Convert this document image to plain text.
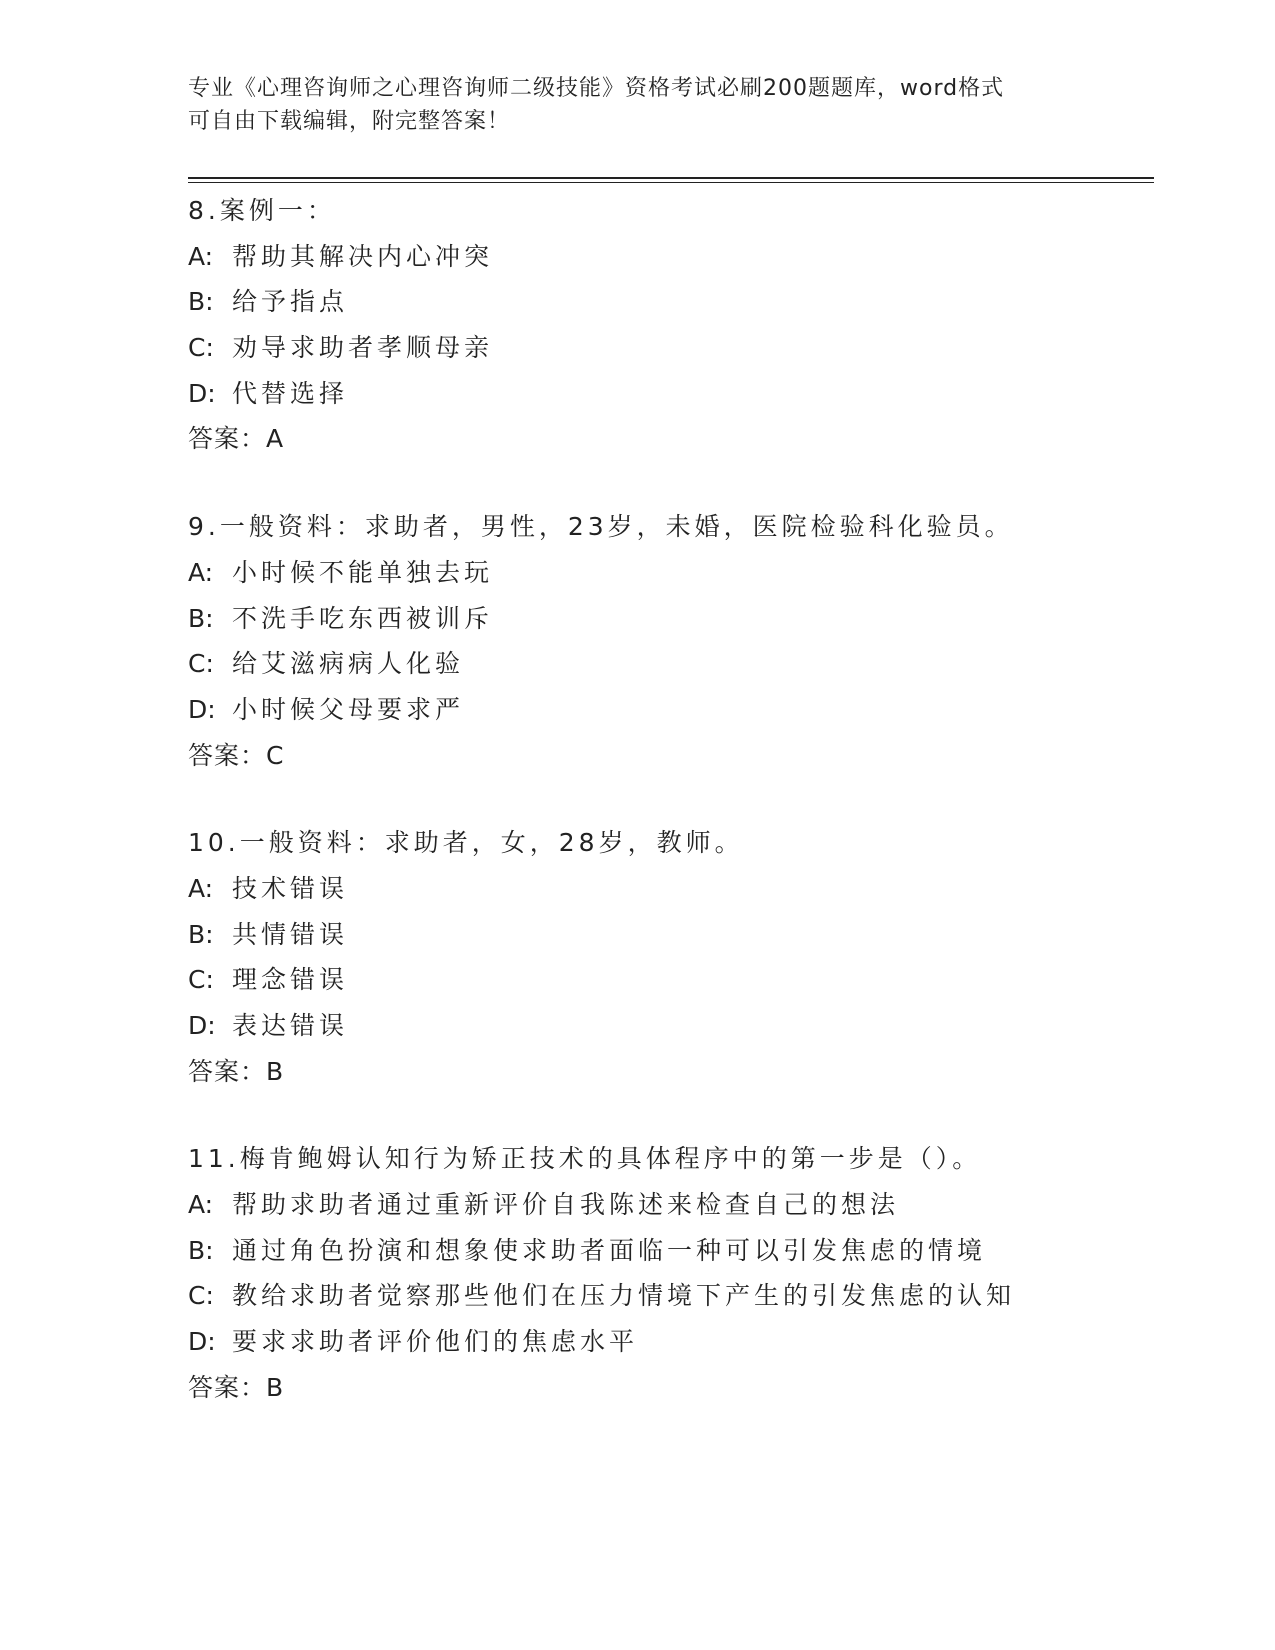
专业《心理咨询师之心理咨询师二级技能》资格考试必刷200题题库，word格式
可自由下载编辑，附完整答案！
8.案例一：
A: 帮助其解决内心冲突
B: 给予指点
C: 劝导求助者孝顺母亲
D: 代替选择
答案：A
9.一般资料：求助者，男性，23岁，未婚，医院检验科化验员。
A: 小时候不能单独去玩
B: 不洗手吃东西被训斥
C: 给艾滋病病人化验
D: 小时候父母要求严
答案：C
10.一般资料：求助者，女，28岁，教师。
A: 技术错误
B: 共情错误
C: 理念错误
D: 表达错误
答案：B
11.梅肯鲍姆认知行为矫正技术的具体程序中的第一步是（）。
A: 帮助求助者通过重新评价自我陈述来检查自己的想法
B: 通过角色扮演和想象使求助者面临一种可以引发焦虑的情境
C: 教给求助者觉察那些他们在压力情境下产生的引发焦虑的认知
D: 要求求助者评价他们的焦虑水平
答案：B
